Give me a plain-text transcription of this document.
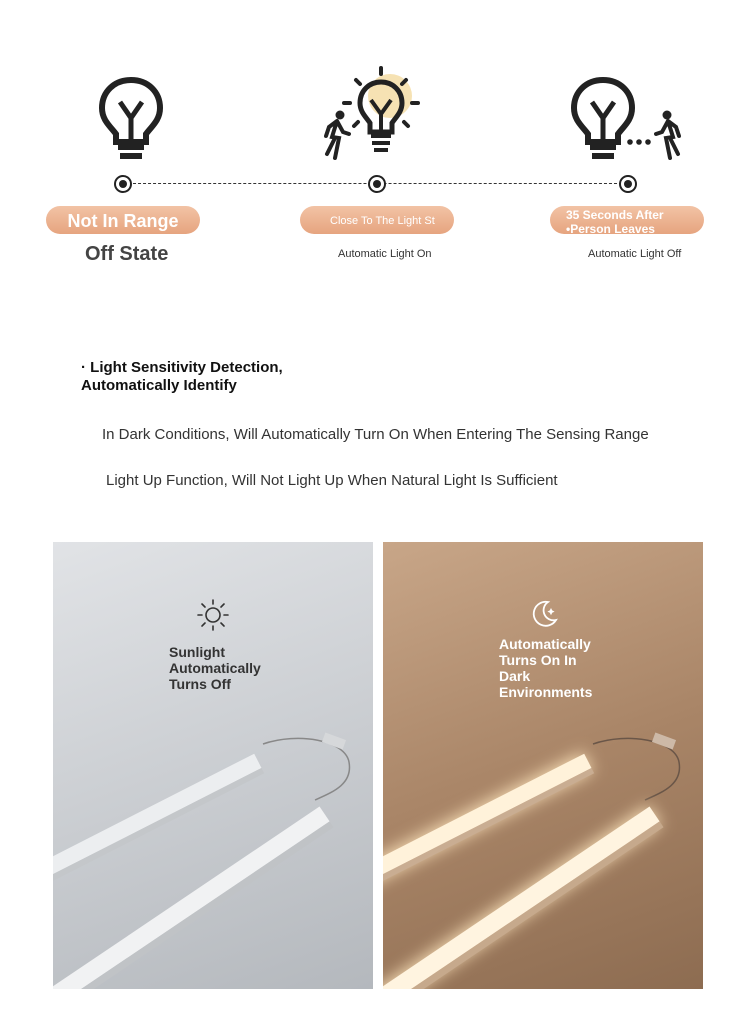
Not In Range	Close To The Light St	35 Seconds After •Person Leaves
Off State	Automatic Light On	Automatic Light Off
· Light Sensitivity Detection, Automatically Identify
In Dark Conditions, Will Automatically Turn On When Entering The Sensing Range
Light Up Function, Will Not Light Up When Natural Light Is Sufficient
Sunlight Automatically Turns Off
Automatically Turns On In Dark Environments
